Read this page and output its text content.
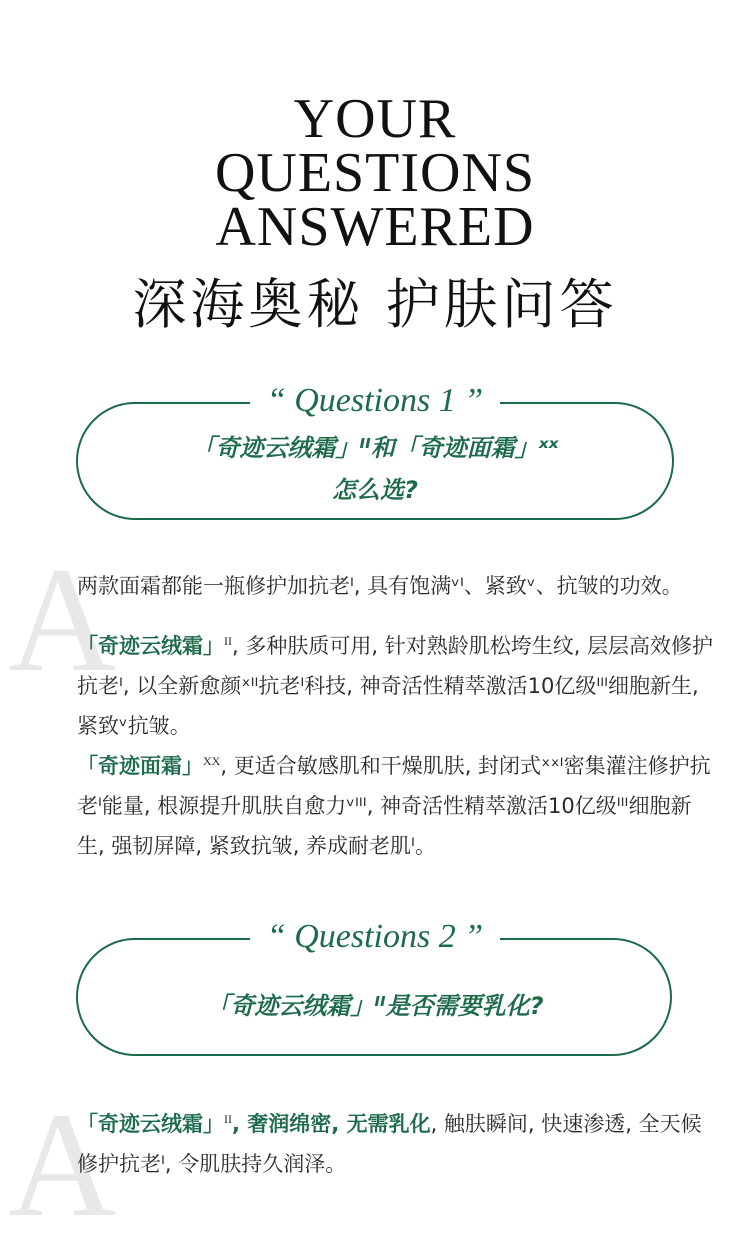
YOUR
QUESTIONS
ANSWERED
深海奥秘 护肤问答
“ Questions 1 ”
「奇迹云绒霜」ᴵᴵ和「奇迹面霜」ˣˣ
怎么选?
A
两款面霜都能一瓶修护加抗老ᴵ, 具有饱满ᵛᴵ、紧致ᵛ、抗皱的功效。
「奇迹云绒霜」$^{II}$, 多种肤质可用, 针对熟龄肌松垮生纹, 层层高效修护抗老ᴵ, 以全新愈颜ˣᴵᴵ抗老ᴵ科技, 神奇活性精萃激活10亿级ᴵᴵᴵ细胞新生, 紧致ᵛ抗皱。
「奇迹面霜」$^{XX}$, 更适合敏感肌和干燥肌肤, 封闭式ˣˣᴵ密集灌注修护抗老ᴵ能量, 根源提升肌肤自愈力ᵛᴵᴵᴵ, 神奇活性精萃激活10亿级ᴵᴵᴵ细胞新生, 强韧屏障, 紧致抗皱, 养成耐老肌ᴵ。
“ Questions 2 ”
「奇迹云绒霜」ᴵᴵ是否需要乳化?
A
「奇迹云绒霜」$^{II}$, 奢润绵密, 无需乳化, 触肤瞬间, 快速渗透, 全天候修护抗老ᴵ, 令肌肤持久润泽。
